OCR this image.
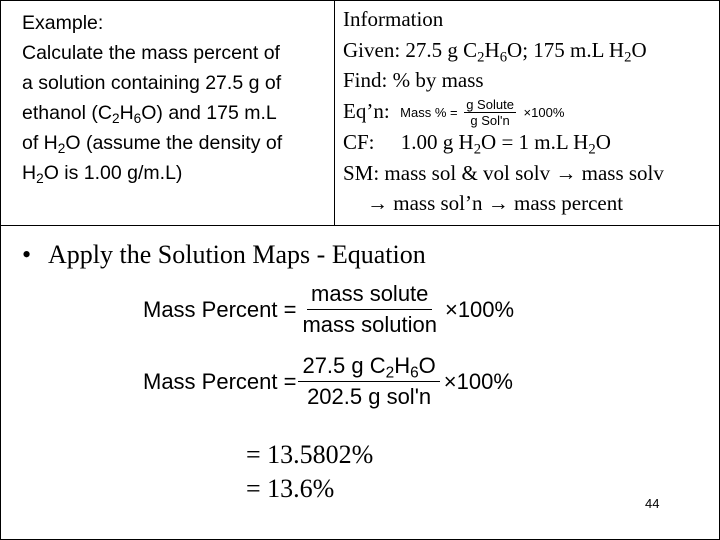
Example:
Calculate the mass percent of
a solution containing 27.5 g of
ethanol $(C_2H_6O)$ and 175 m.L
of $H_2O$ (assume the density of
$H_2O$ is 1.00 g/m.L)
Information
Given: 27.5 g $C_2H_6O$; 175 m.L $H_2O$
Find: % by mass
Eq’n: Mass % =
g Solute
g Sol'n
×100%
CF:     1.00 g $H_2O = 1$ m.L $H_2O$
SM: mass sol & vol solv → mass solv
→ mass sol’n → mass percent
• Apply the Solution Maps - Equation
Mass Percent = $\frac{\text{mass solute}}{\text{mass solution}} \times 100\%$
Mass Percent = $\frac{27.5 g C_2H_6O}{\text{202.5 g sol'n}} \times 100\%$
= 13.5802%
= 13.6%
44
